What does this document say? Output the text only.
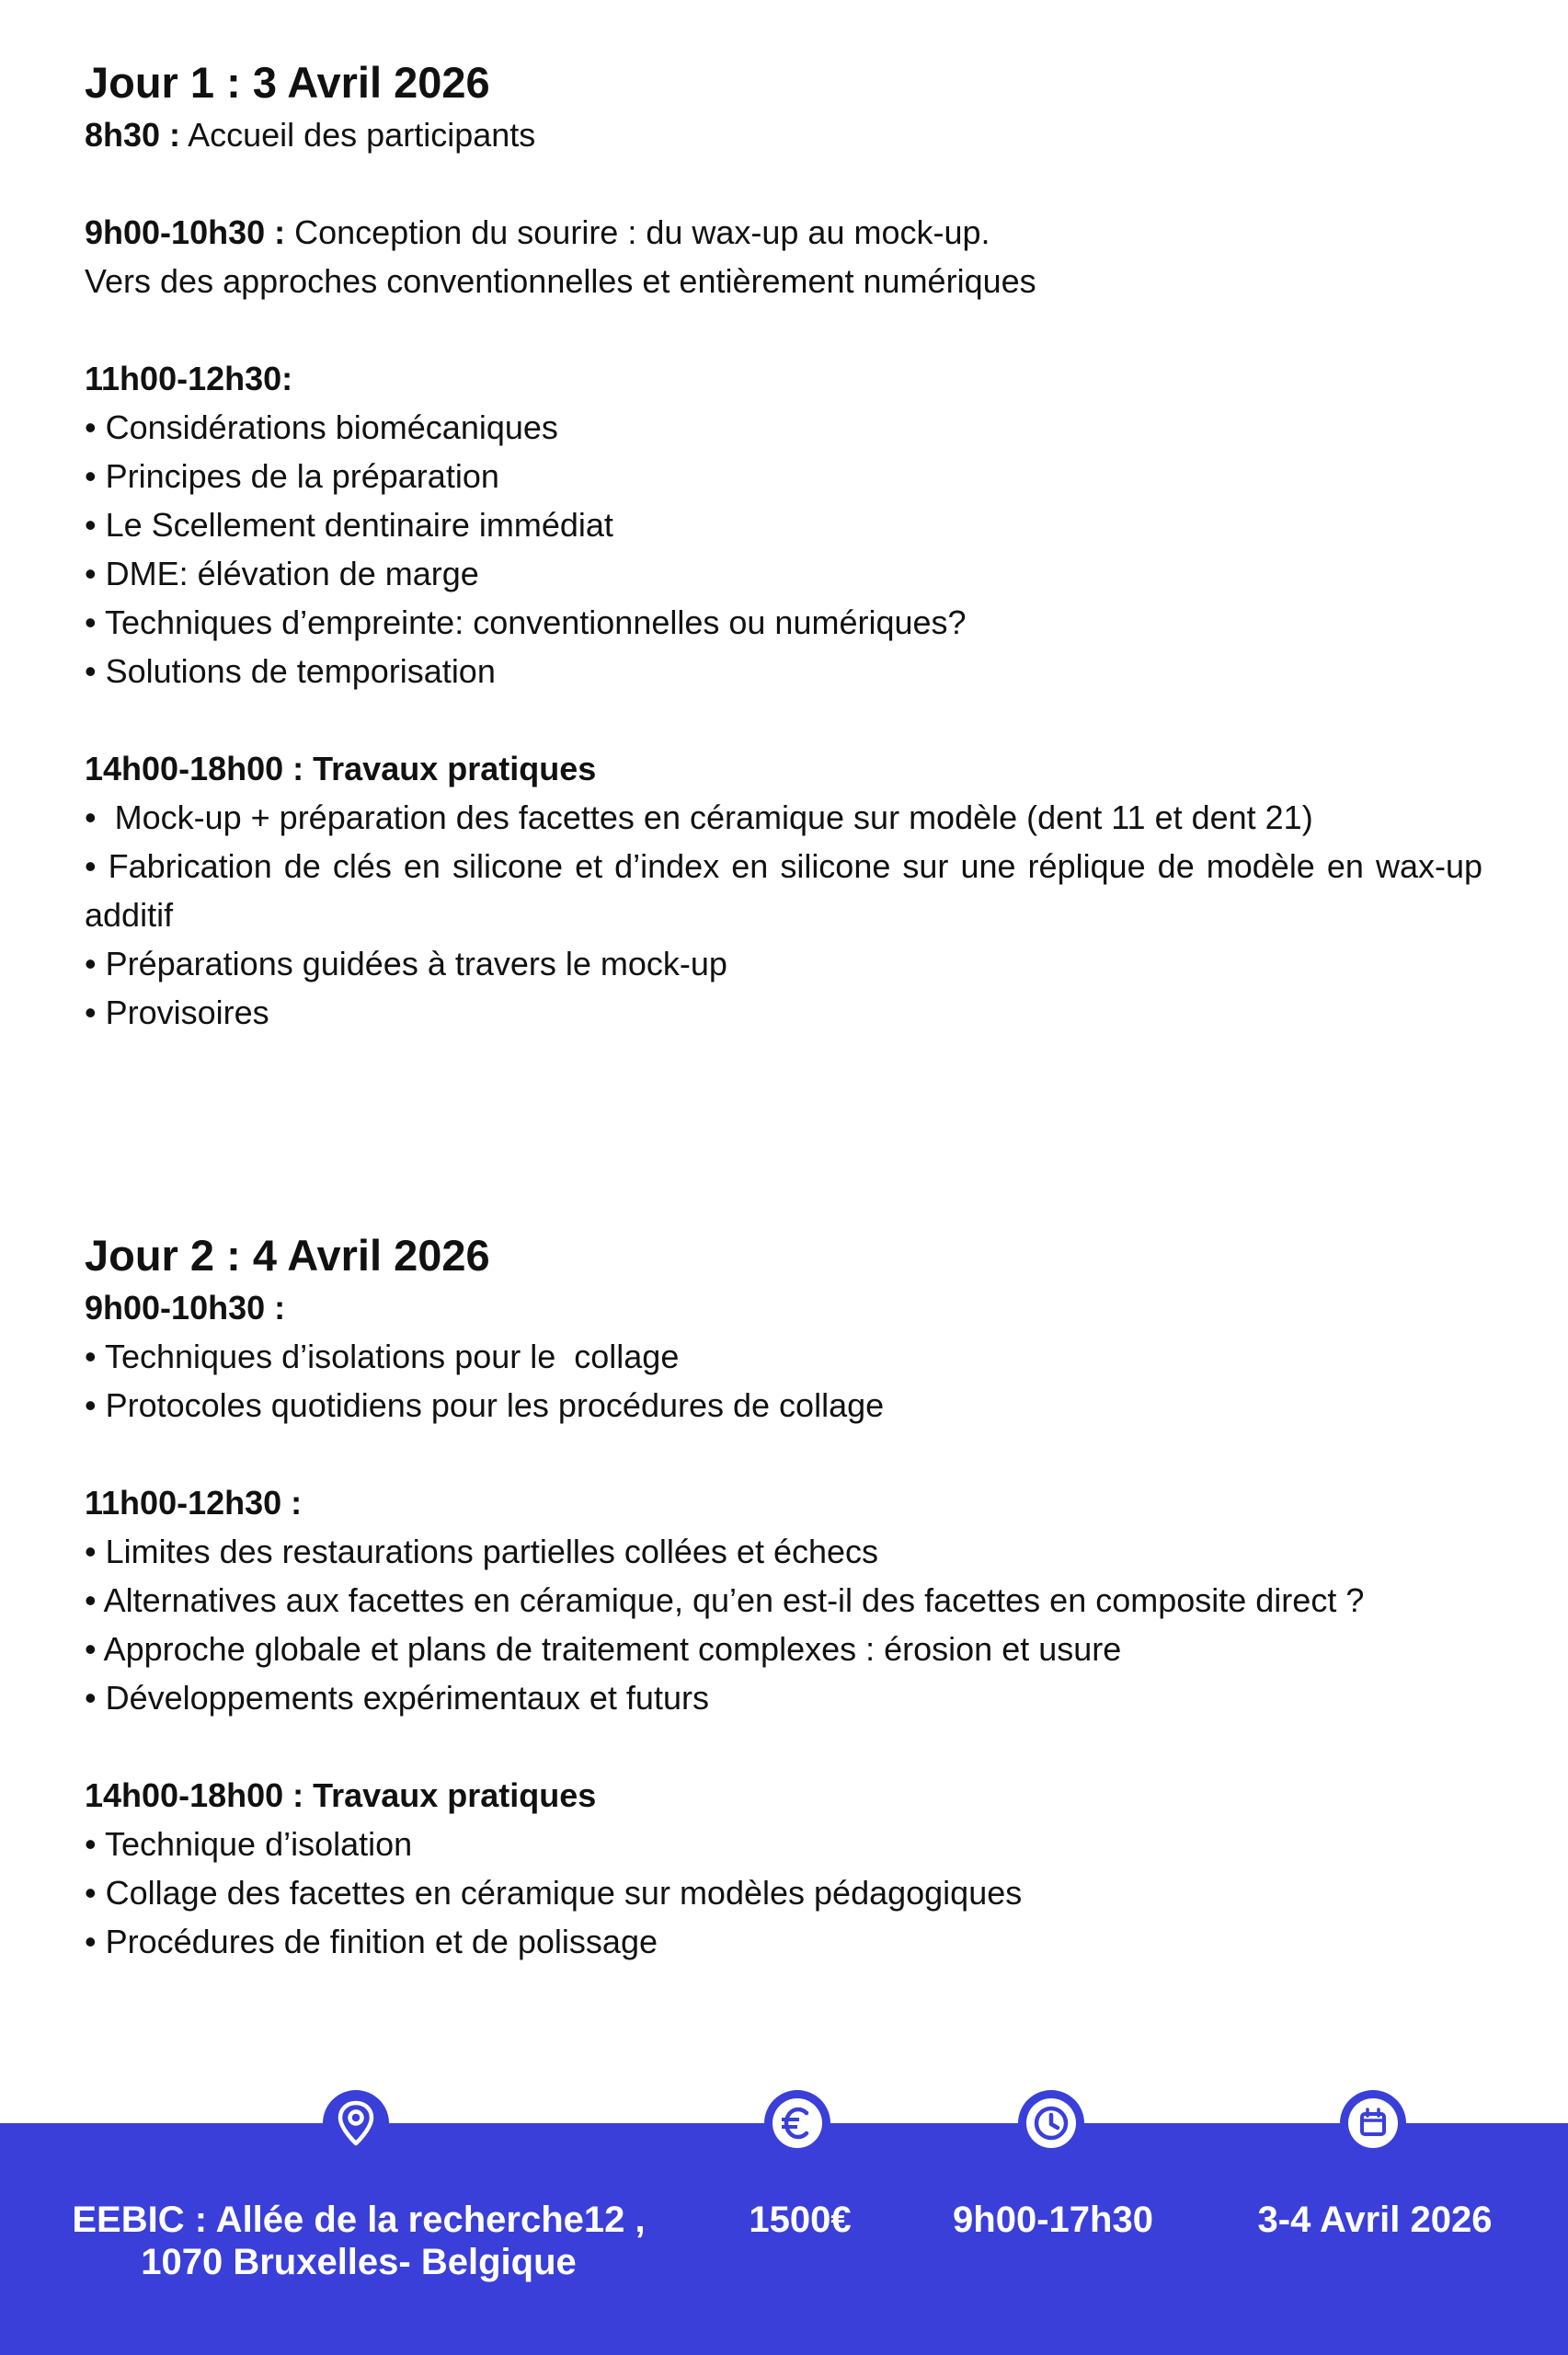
Jour 1 : 3 Avril 2026

8h30 : Accueil des participants

9h00-10h30 : Conception du sourire : du wax-up au mock-up.

Vers des approches conventionnelles et entièrement numériques

11h00-12h30:

• Considérations biomécaniques

• Principes de la préparation

• Le Scellement dentinaire immédiat

• DME: élévation de marge

• Techniques d’empreinte: conventionnelles ou numériques?

• Solutions de temporisation

14h00-18h00 : Travaux pratiques

•  Mock-up + préparation des facettes en céramique sur modèle (dent 11 et dent 21)

• Fabrication de clés en silicone et d’index en silicone sur une réplique de modèle en wax-up additif

• Préparations guidées à travers le mock-up

• Provisoires

Jour 2 : 4 Avril 2026

9h00-10h30 :

• Techniques d’isolations pour le  collage

• Protocoles quotidiens pour les procédures de collage

11h00-12h30 :

• Limites des restaurations partielles collées et échecs

• Alternatives aux facettes en céramique, qu’en est-il des facettes en composite direct ?

• Approche globale et plans de traitement complexes : érosion et usure

• Développements expérimentaux et futurs

14h00-18h00 : Travaux pratiques

• Technique d’isolation

• Collage des facettes en céramique sur modèles pédagogiques

• Procédures de finition et de polissage

EEBIC : Allée de la recherche12 ,
1070 Bruxelles- Belgique
1500€	9h00-17h30	3-4 Avril 2026
